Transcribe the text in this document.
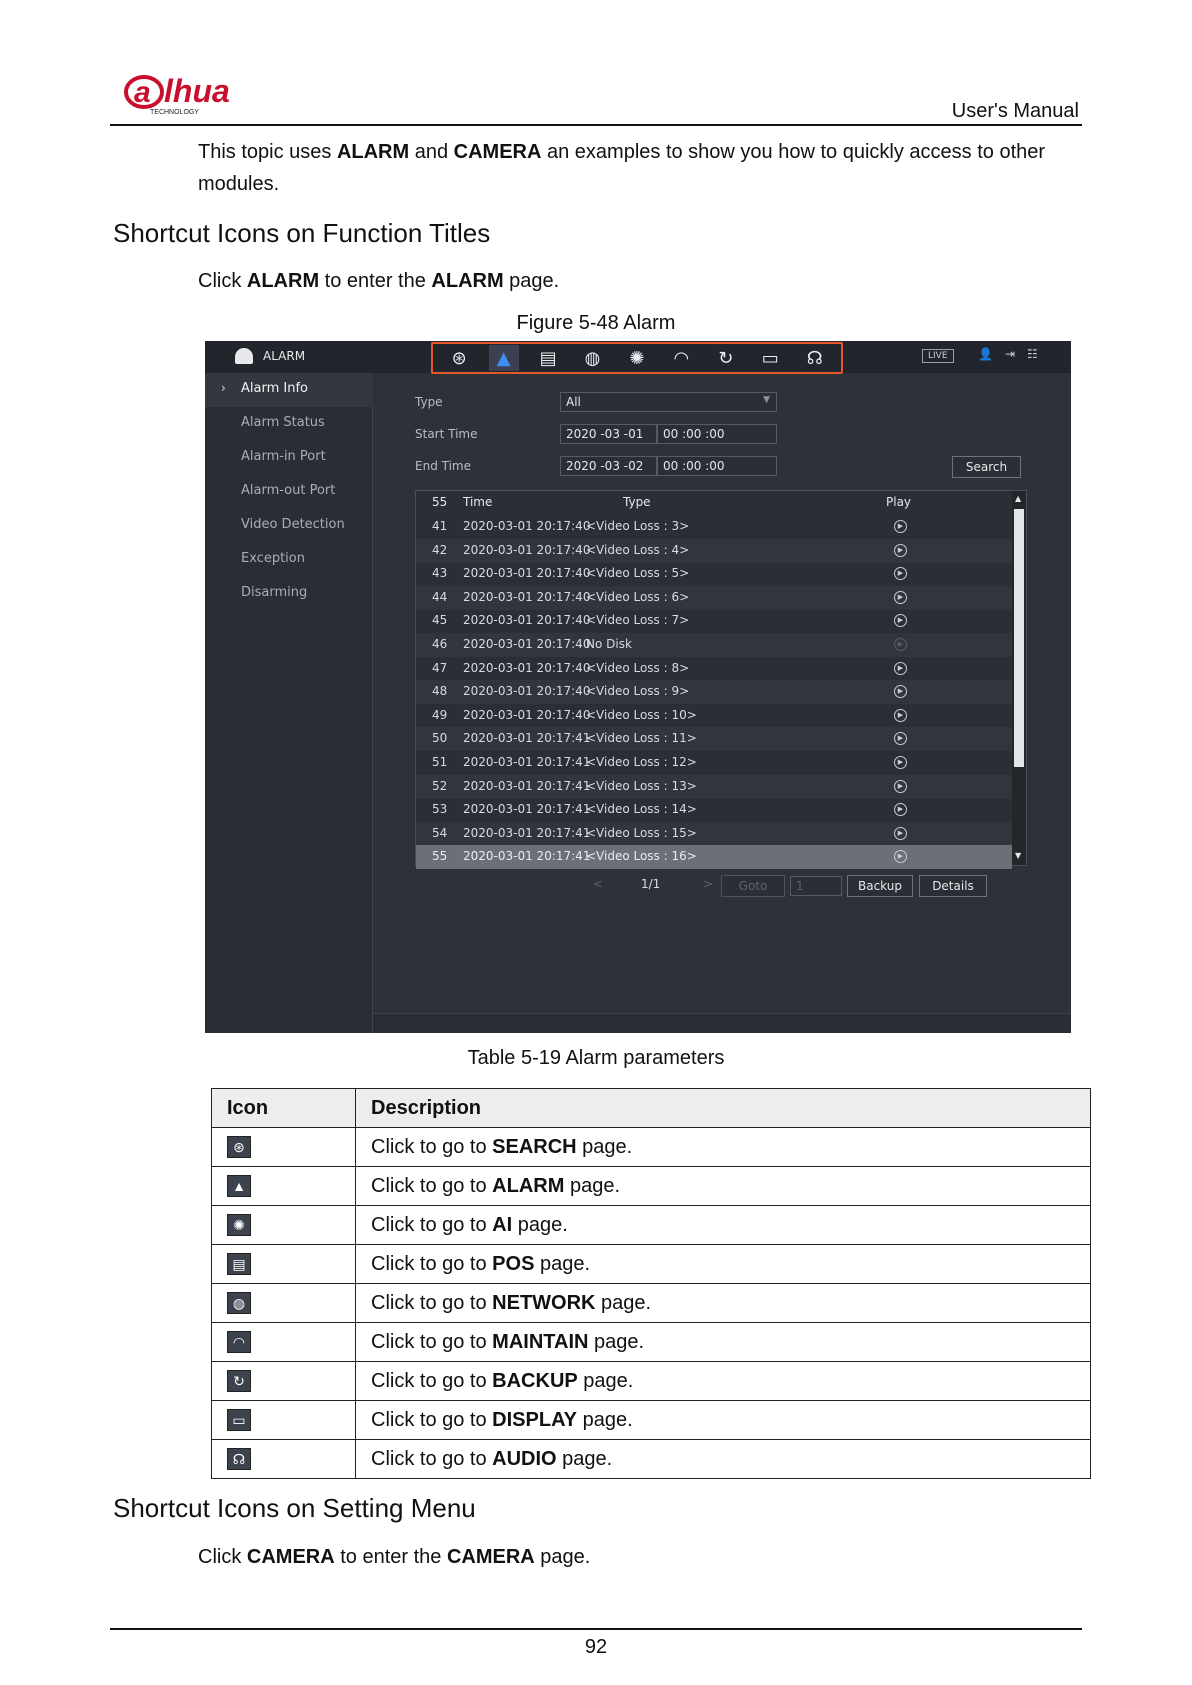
a lhua
TECHNOLOGY	User's Manual
This topic uses ALARM and CAMERA an examples to show you how to quickly access to other
modules.
Shortcut Icons on Function Titles
Click ALARM to enter the ALARM page.
Figure 5-48 Alarm
ALARM	⊛	▲	▤	◍	✺	◠	↻	▭	☊	LIVE	👤 ⇥ ☷
› Alarm Info
Alarm Status
Alarm-in Port
Alarm-out Port
Video Detection
Exception
Disarming
Type	All	▼
Start Time	2020 -03 -01	00 :00 :00
End Time	2020 -03 -02	00 :00 :00	Search
55 Time	Type	Play
41 2020-03-01 20:17:40
<Video Loss : 3>	▶
42 2020-03-01 20:17:40
<Video Loss : 4>	▶
43 2020-03-01 20:17:40
<Video Loss : 5>	▶
44 2020-03-01 20:17:40
<Video Loss : 6>	▶
45 2020-03-01 20:17:40
<Video Loss : 7>	▶
46 2020-03-01 20:17:40
No Disk	▶
47 2020-03-01 20:17:40
<Video Loss : 8>	▶
48 2020-03-01 20:17:40
<Video Loss : 9>	▶
49 2020-03-01 20:17:40
<Video Loss : 10>	▶
50 2020-03-01 20:17:41
<Video Loss : 11>	▶
51 2020-03-01 20:17:41
<Video Loss : 12>	▶
52 2020-03-01 20:17:41
<Video Loss : 13>	▶
53 2020-03-01 20:17:41
<Video Loss : 14>	▶
54 2020-03-01 20:17:41
<Video Loss : 15>	▶
55 2020-03-01 20:17:41
<Video Loss : 16>	▶
▲
▼
<	1/1	>	Goto	1	Backup	Details
Table 5-19 Alarm parameters
Icon	Description
⊛	Click to go to SEARCH page.
▲	Click to go to ALARM page.
✺	Click to go to AI page.
▤	Click to go to POS page.
◍	Click to go to NETWORK page.
◠	Click to go to MAINTAIN page.
↻	Click to go to BACKUP page.
▭	Click to go to DISPLAY page.
☊	Click to go to AUDIO page.
Shortcut Icons on Setting Menu
Click CAMERA to enter the CAMERA page.
92
